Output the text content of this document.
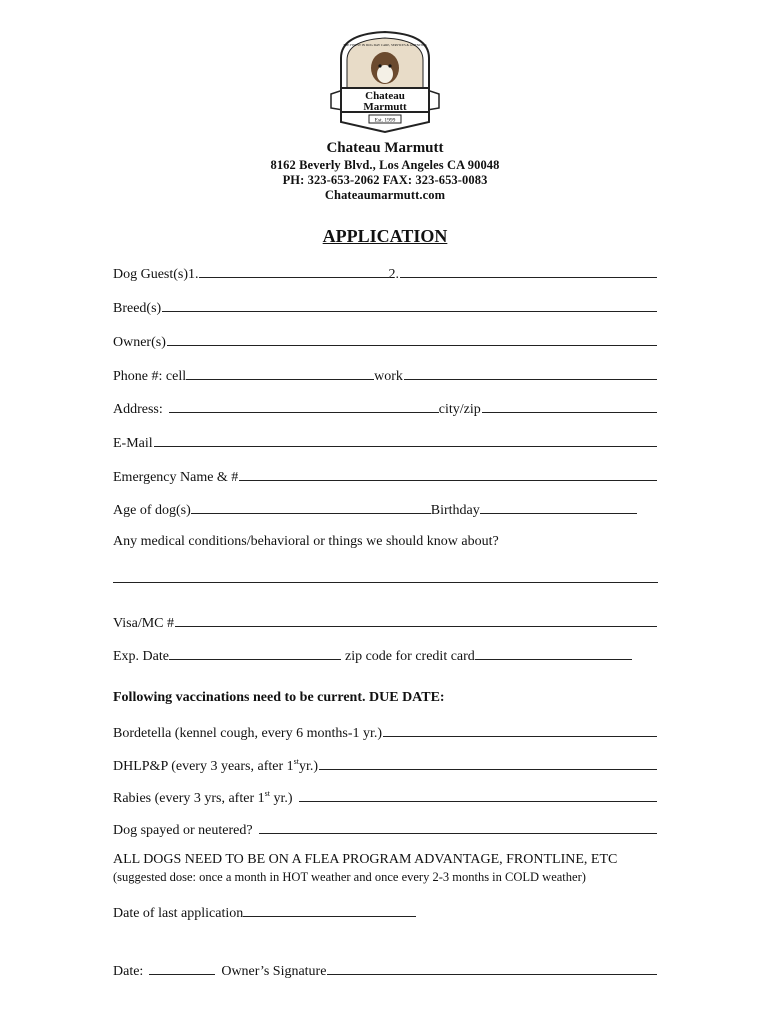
Chateau
Marmutt
Est. 1999
THE FINEST IN DOG DAY CARE, SERVICES & AMENITIES
Chateau Marmutt
8162 Beverly Blvd., Los Angeles CA 90048
PH: 323-653-2062 FAX: 323-653-0083
Chateaumarmutt.com
APPLICATION
Dog Guest(s)1.	2.
Breed(s)
Owner(s)
Phone #: cell	work
Address:	city/zip
E-Mail
Emergency Name & #
Age of dog(s)	Birthday
Any medical conditions/behavioral or things we should know about?
Visa/MC #
Exp. Date	zip code for credit card
Following vaccinations need to be current. DUE DATE:
Bordetella (kennel cough, every 6 months-1 yr.)
DHLP&P (every 3 years, after 1styr.)
Rabies (every 3 yrs, after 1st yr.)
Dog spayed or neutered?
ALL DOGS NEED TO BE ON A FLEA PROGRAM ADVANTAGE, FRONTLINE, ETC
(suggested dose: once a month in HOT weather and once every 2-3 months in COLD weather)
Date of last application
Date:	Owner’s Signature
